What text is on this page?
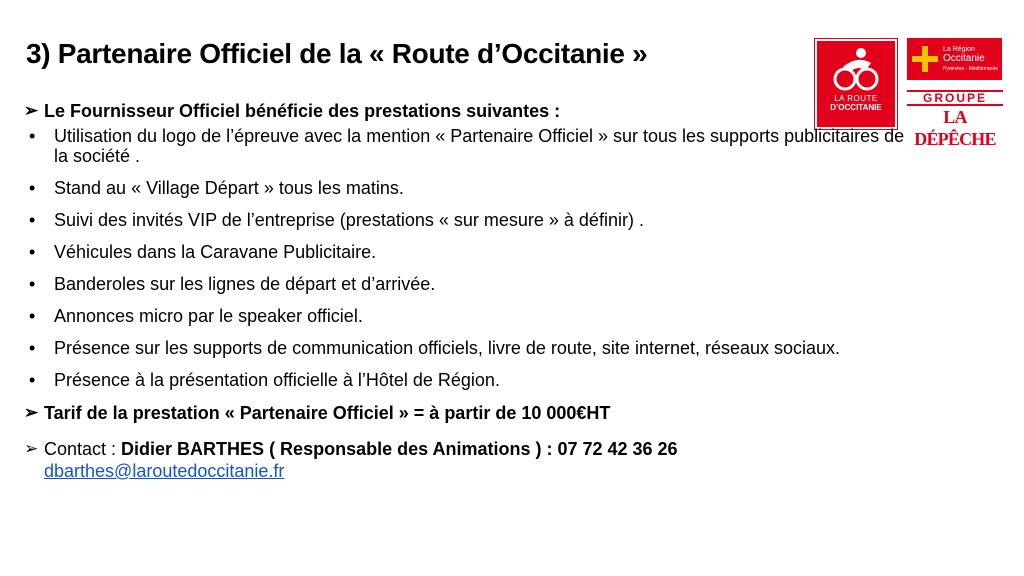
3) Partenaire Officiel de la « Route d’Occitanie »
LA ROUTE
D’OCCITANIE
La Région
Occitanie
Pyrénées - Méditerranée
GROUPE
LA DÉPÊCHE
➢ Le Fournisseur Officiel bénéficie des prestations suivantes :
• Utilisation du logo de l’épreuve avec la mention « Partenaire Officiel » sur tous les supports publicitaires de la société .
• Stand au « Village Départ » tous les matins.
• Suivi des invités VIP de l’entreprise (prestations « sur mesure » à définir) .
• Véhicules dans la Caravane Publicitaire.
• Banderoles sur les lignes de départ et d’arrivée.
• Annonces micro par le speaker officiel.
• Présence sur les supports de communication officiels, livre de route, site internet, réseaux sociaux.
• Présence à la présentation officielle à l’Hôtel de Région.
➢ Tarif de la prestation « Partenaire Officiel » = à partir de 10 000€HT
➢ Contact : Didier BARTHES ( Responsable des Animations ) : 07 72 42 36 26
dbarthes@laroutedoccitanie.fr
